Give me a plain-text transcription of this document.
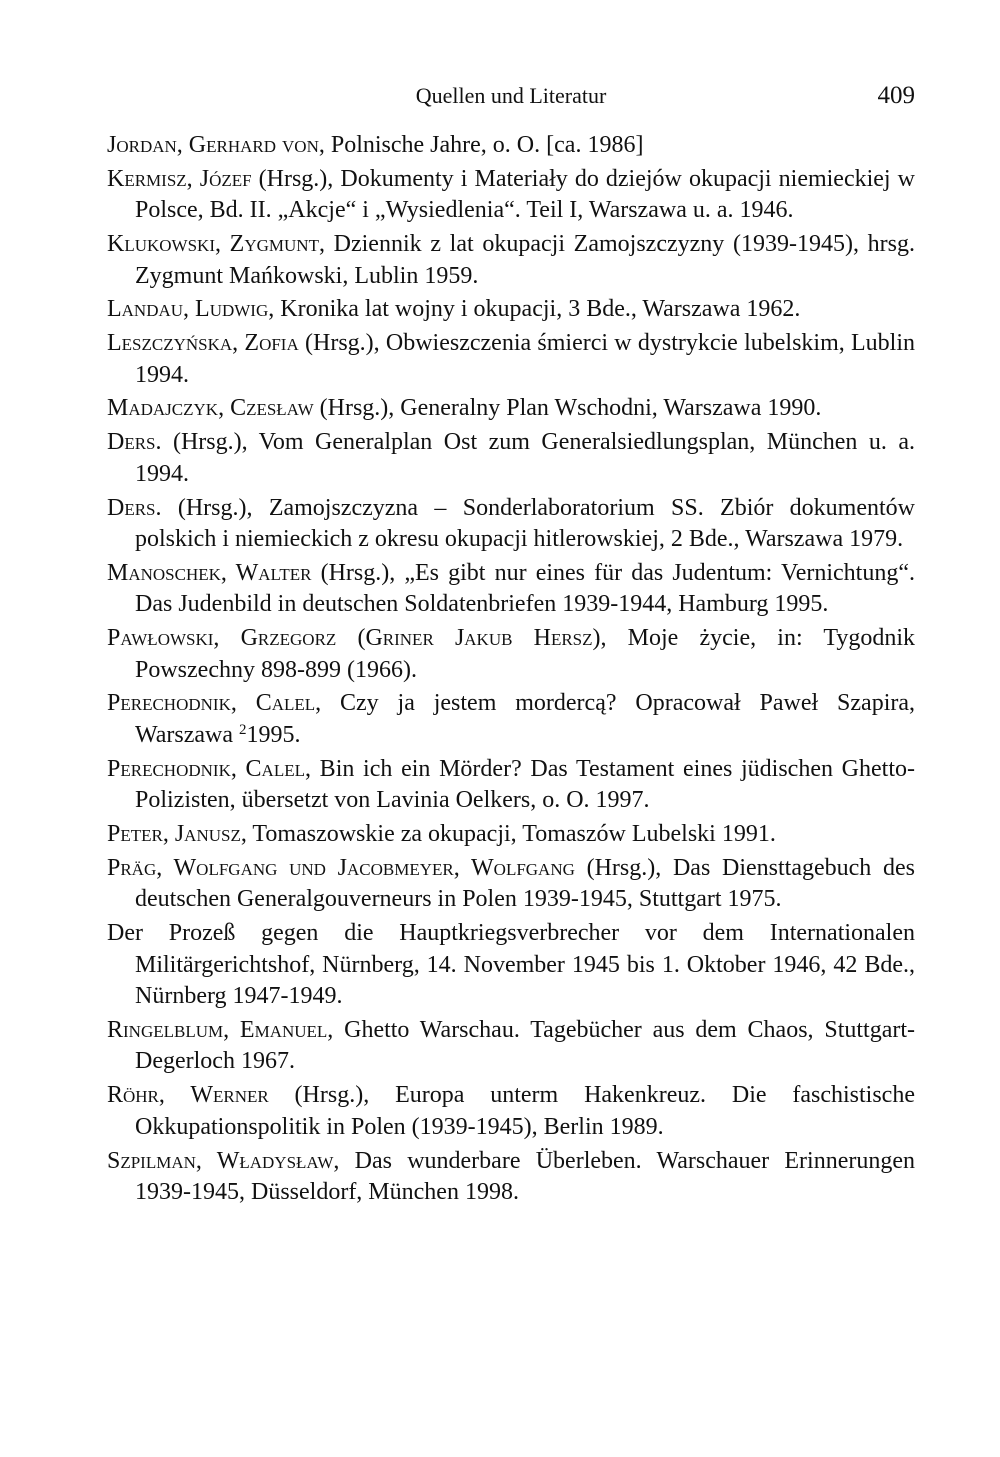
Quellen und Literatur	409

Jordan, Gerhard von, Polnische Jahre, o. O. [ca. 1986]

Kermisz, Józef (Hrsg.), Dokumenty i Materiały do dziejów okupacji niemieckiej w Polsce, Bd. II. „Akcje“ i „Wysiedlenia“. Teil I, Warszawa u. a. 1946.

Klukowski, Zygmunt, Dziennik z lat okupacji Zamojszczyzny (1939-1945), hrsg. Zygmunt Mańkowski, Lublin 1959.

Landau, Ludwig, Kronika lat wojny i okupacji, 3 Bde., Warszawa 1962.

Leszczyńska, Zofia (Hrsg.), Obwieszczenia śmierci w dystrykcie lubelskim, Lublin 1994.

Madajczyk, Czesław (Hrsg.), Generalny Plan Wschodni, Warszawa 1990.

Ders. (Hrsg.), Vom Generalplan Ost zum Generalsiedlungsplan, München u. a. 1994.

Ders. (Hrsg.), Zamojszczyzna – Sonderlaboratorium SS. Zbiór dokumentów polskich i niemieckich z okresu okupacji hitlerowskiej, 2 Bde., Warszawa 1979.

Manoschek, Walter (Hrsg.), „Es gibt nur eines für das Judentum: Vernichtung“. Das Judenbild in deutschen Soldatenbriefen 1939-1944, Hamburg 1995.

Pawłowski, Grzegorz (Griner Jakub Hersz), Moje życie, in: Tygodnik Powszechny 898-899 (1966).

Perechodnik, Calel, Czy ja jestem mordercą? Opracował Paweł Szapira, Warszawa $^2$1995.

Perechodnik, Calel, Bin ich ein Mörder? Das Testament eines jüdischen Ghetto-Polizisten, übersetzt von Lavinia Oelkers, o. O. 1997.

Peter, Janusz, Tomaszowskie za okupacji, Tomaszów Lubelski 1991.

Präg, Wolfgang und Jacobmeyer, Wolfgang (Hrsg.), Das Diensttagebuch des deutschen Generalgouverneurs in Polen 1939-1945, Stuttgart 1975.

Der Prozeß gegen die Hauptkriegsverbrecher vor dem Internationalen Militärgerichtshof, Nürnberg, 14. November 1945 bis 1. Oktober 1946, 42 Bde., Nürnberg 1947-1949.

Ringelblum, Emanuel, Ghetto Warschau. Tagebücher aus dem Chaos, Stuttgart-Degerloch 1967.

Röhr, Werner (Hrsg.), Europa unterm Hakenkreuz. Die faschistische Okkupationspolitik in Polen (1939-1945), Berlin 1989.

Szpilman, Władysław, Das wunderbare Überleben. Warschauer Erinnerungen 1939-1945, Düsseldorf, München 1998.
